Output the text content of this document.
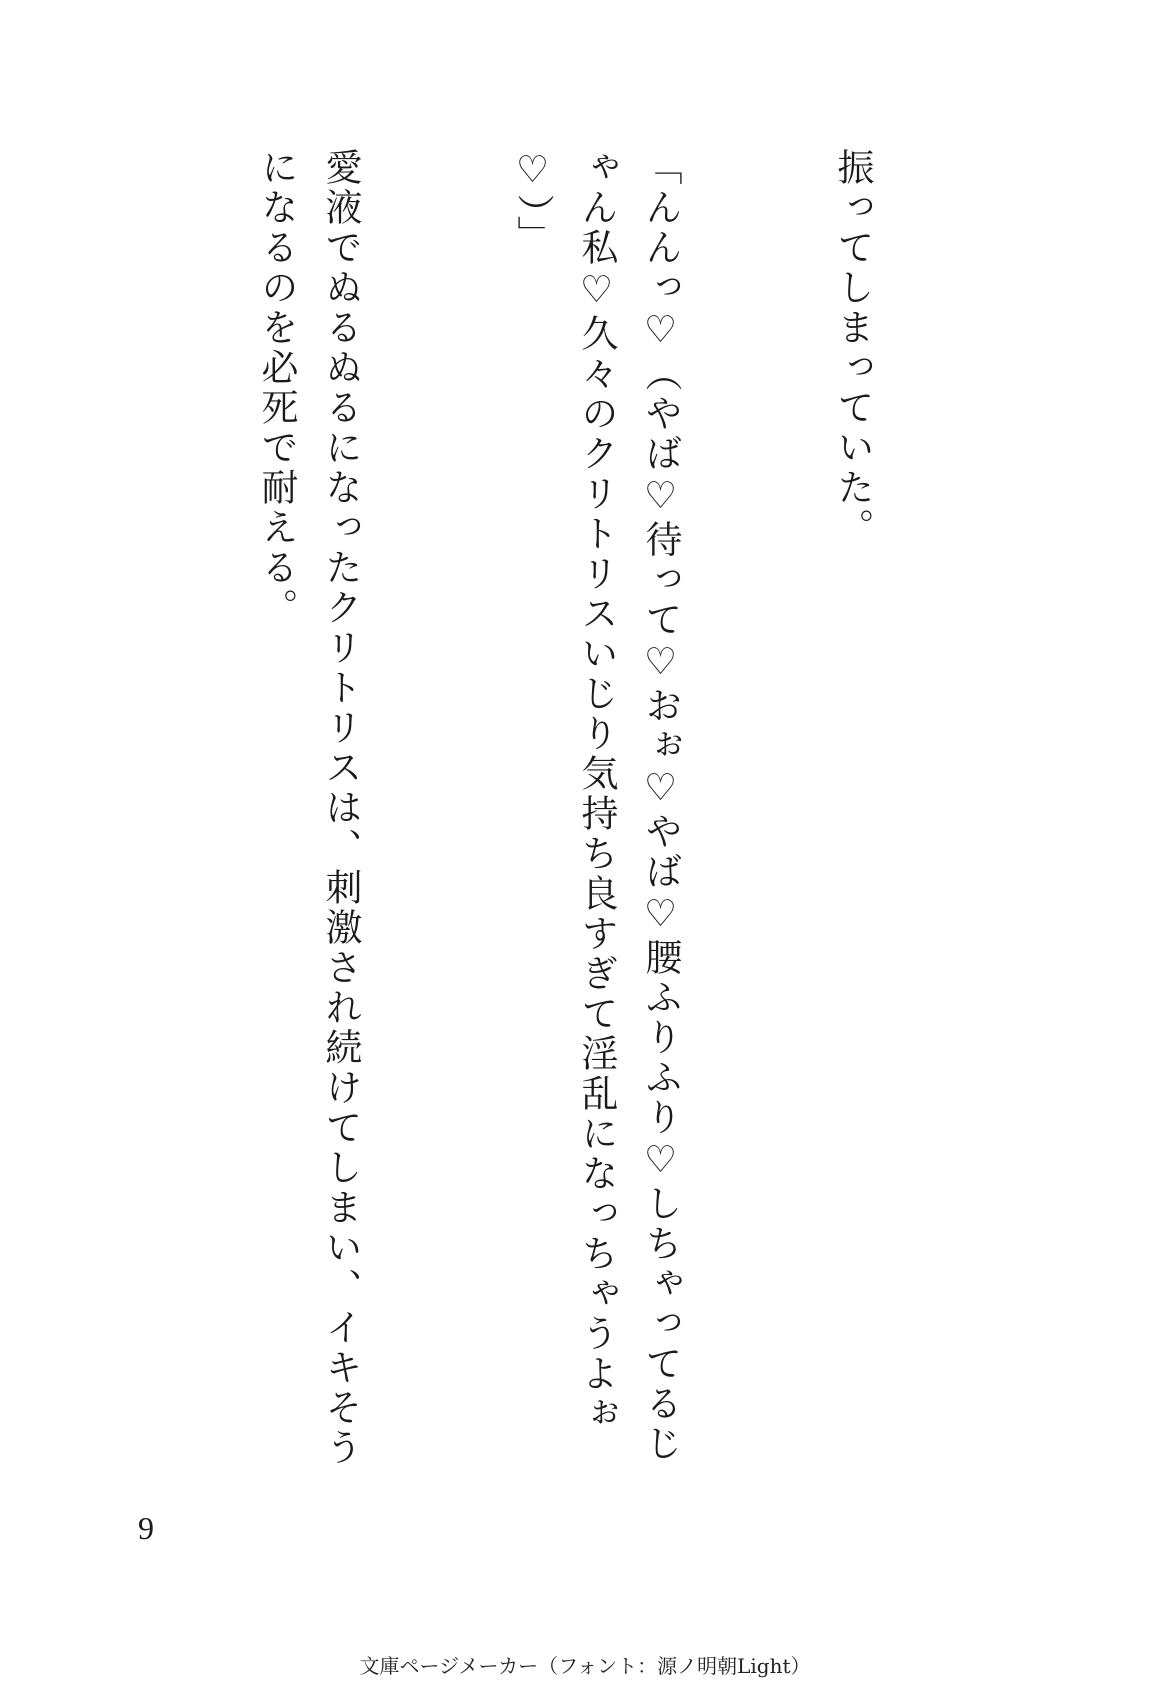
振ってしまっていた。

「んんっ♡（やば♡待って♡おぉ♡やば♡腰ふりふり♡しちゃってるじゃん私♡久々のクリトリスいじり気持ち良すぎて淫乱になっちゃうよぉ♡）」

愛液でぬるぬるになったクリトリスは、刺激され続けてしまい、イキそうになるのを必死で耐える。

9
文庫ページメーカー（フォント：源ノ明朝Light）
